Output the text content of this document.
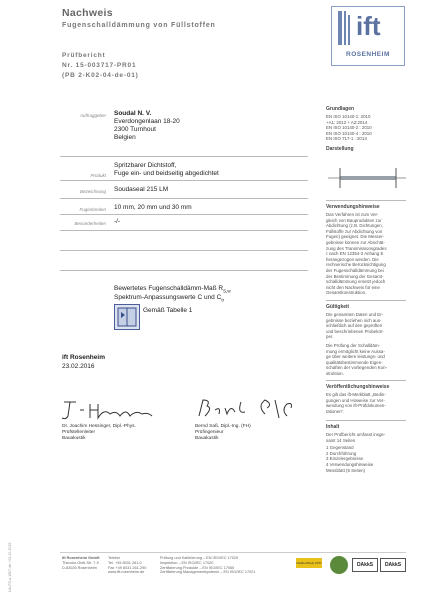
Nachweis
Fugenschalldämmung von Füllstoffen
Prüfbericht
Nr. 15-003717-PR01
(PB 2-K02-04-de-01)
ift
ROSENHEIM
Auftraggeber Soudal N. V.
Everdongenlaan 18-20
2300 Turnhout
Belgien
Spritzbarer Dichtstoff,
Produkt Fuge ein- und beidseitig abgedichtet
Bezeichnung Soudaseal 215 LM
Fugenbreiten 10 mm, 20 mm und 30 mm
Besonderheiten -/-
Bewertetes Fugenschalldämm-Maß $R_{S,w}$
Spektrum-Anpassungswerte C und $C_{tr}$
Gemäß Tabelle 1
ift Rosenheim
23.02.2016
Dr. Joachim Hessinger, Dipl.-Phys.
Prüfstellenleiter
Bauakustik
Bernd Saß, Dipl.-Ing. (FH)
Prüfingenieur
Bauakustik
Grundlagen
EN ISO 10140-1: 2010
+A1: 2012 + A2:2014
EN ISO 10140-2 : 2010
EN ISO 10140-4 : 2010
EN ISO 717-1 : 2013
Darstellung
Verwendungshinweise
Das Verfahren ist zum Ver-
gleich von Bauprodukten zur
Abdichtung (z.B. Dichtungen,
Füllstoffe zur Abdichtung von
Fugen) geeignet. Die Messer-
gebnisse können zur Abschät-
zung des Transmissionsgrades
τ nach EN 12354-3 Anhang E
herangezogen werden. Die
rechnerische Berücksichtigung
der Fugenschalldämmung bei
der Bestimmung der Gesamt-
schalldämmung ersetzt jedoch
nicht den Nachweis für eine
Gesamtkonstruktion.
Gültigkeit
Die genannten Daten und Er-
gebnisse beziehen sich aus-
schließlich auf den geprüften
und beschriebenen Probekör-
per.
Die Prüfung der Schalldäm-
mung ermöglicht keine Aussa-
ge über weitere leistungs- und
qualitätsbestimmende Eigen-
schaften der vorliegenden Kon-
struktion.
Veröffentlichungshinweise
Es gilt das ift-Merkblatt „Bedin-
gungen und Hinweise zur Ver-
wendung von ift-Prüfdokumen-
tationen“.
Inhalt
Der Prüfbericht umfasst insge-
samt 14 Seiten
1 Gegenstand
2 Durchführung
3 Einzelergebnisse
4 Verwendungshinweise
Messblatt (5 Seiten)
NA-PS-a 1507-de / 03.12.2015	ift Rosenheim GmbH
Theodor-Gietl-Str. 7-9
D-83026 Rosenheim
Telefon
Tel. +49 8031 261-0
Fax +49 8031 261-290
www.ift-rosenheim.de
Prüfung und Kalibrierung – EN ISO/IEC 17025
Inspektion – EN ISO/IEC 17020
Zertifizierung Produkte – EN ISO/IEC 17065
Zertifizierung Managementsysteme – EN ISO/IEC 17021
Notified Body 0757	DAkkS	DAkkS
